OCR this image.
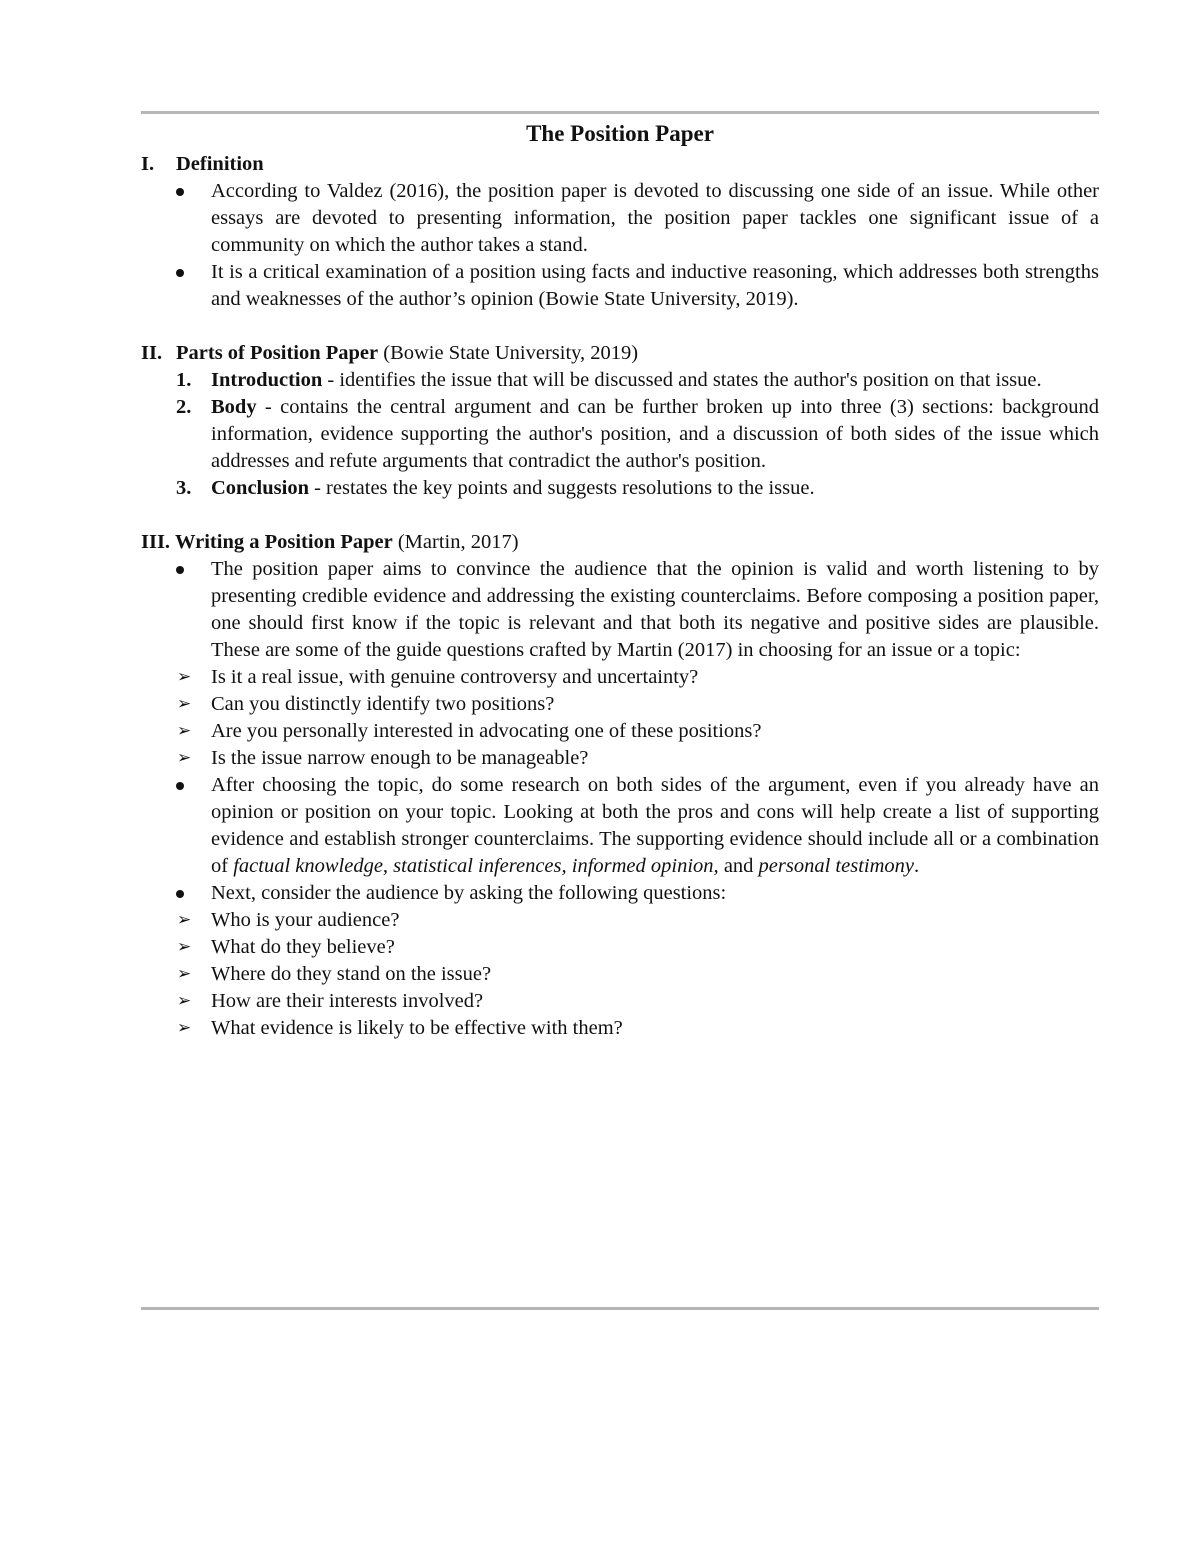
The Position Paper
I.	Definition
According to Valdez (2016), the position paper is devoted to discussing one side of an issue. While other essays are devoted to presenting information, the position paper tackles one significant issue of a community on which the author takes a stand.
It is a critical examination of a position using facts and inductive reasoning, which addresses both strengths and weaknesses of the author’s opinion (Bowie State University, 2019).
II. Parts of Position Paper (Bowie State University, 2019)
1. Introduction - identifies the issue that will be discussed and states the author's position on that issue.
2. Body - contains the central argument and can be further broken up into three (3) sections: background information, evidence supporting the author's position, and a discussion of both sides of the issue which addresses and refute arguments that contradict the author's position.
3. Conclusion - restates the key points and suggests resolutions to the issue.
III. Writing a Position Paper (Martin, 2017)
The position paper aims to convince the audience that the opinion is valid and worth listening to by presenting credible evidence and addressing the existing counterclaims. Before composing a position paper, one should first know if the topic is relevant and that both its negative and positive sides are plausible. These are some of the guide questions crafted by Martin (2017) in choosing for an issue or a topic:
➢ Is it a real issue, with genuine controversy and uncertainty?
➢ Can you distinctly identify two positions?
➢ Are you personally interested in advocating one of these positions?
➢ Is the issue narrow enough to be manageable?
After choosing the topic, do some research on both sides of the argument, even if you already have an opinion or position on your topic. Looking at both the pros and cons will help create a list of supporting evidence and establish stronger counterclaims. The supporting evidence should include all or a combination of factual knowledge, statistical inferences, informed opinion, and personal testimony.
Next, consider the audience by asking the following questions:
➢ Who is your audience?
➢ What do they believe?
➢ Where do they stand on the issue?
➢ How are their interests involved?
➢ What evidence is likely to be effective with them?
